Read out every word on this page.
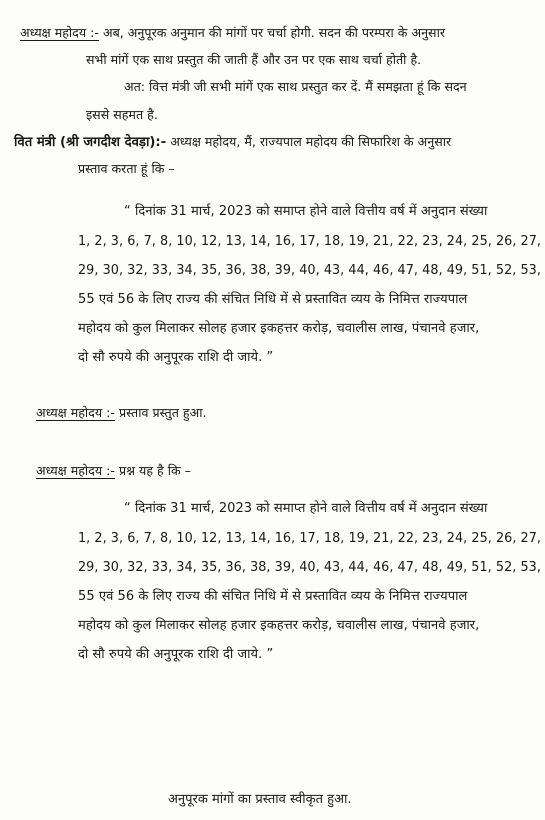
अध्यक्ष महोदय :- अब, अनुपूरक अनुमान की मांगों पर चर्चा होगी. सदन की परम्परा के अनुसार
सभी मांगें एक साथ प्रस्तुत की जाती हैं और उन पर एक साथ चर्चा होती है.
अत: वित्त मंत्री जी सभी मांगें एक साथ प्रस्तुत कर दें. मैं समझता हूं कि सदन
इससे सहमत है.
वित मंत्री (श्री जगदीश देवड़ा):- अध्यक्ष महोदय, मैं, राज्यपाल महोदय की सिफारिश के अनुसार
प्रस्ताव करता हूं कि –
“ दिनांक 31 मार्च, 2023 को समाप्त होने वाले वित्तीय वर्ष में अनुदान संख्या
1, 2, 3, 6, 7, 8, 10, 12, 13, 14, 16, 17, 18, 19, 21, 22, 23, 24, 25, 26, 27,
29, 30, 32, 33, 34, 35, 36, 38, 39, 40, 43, 44, 46, 47, 48, 49, 51, 52, 53,
55 एवं 56 के लिए राज्य की संचित निधि में से प्रस्तावित व्यय के निमित्त राज्यपाल
महोदय को कुल मिलाकर सोलह हजार इकहत्तर करोड़, चवालीस लाख, पंचानवे हजार,
दो सौ रुपये की अनुपूरक राशि दी जाये. ”
अध्यक्ष महोदय :- प्रस्ताव प्रस्तुत हुआ.
अध्यक्ष महोदय :- प्रश्न यह है कि –
“ दिनांक 31 मार्च, 2023 को समाप्त होने वाले वित्तीय वर्ष में अनुदान संख्या
1, 2, 3, 6, 7, 8, 10, 12, 13, 14, 16, 17, 18, 19, 21, 22, 23, 24, 25, 26, 27,
29, 30, 32, 33, 34, 35, 36, 38, 39, 40, 43, 44, 46, 47, 48, 49, 51, 52, 53,
55 एवं 56 के लिए राज्य की संचित निधि में से प्रस्तावित व्यय के निमित्त राज्यपाल
महोदय को कुल मिलाकर सोलह हजार इकहत्तर करोड़, चवालीस लाख, पंचानवे हजार,
दो सौ रुपये की अनुपूरक राशि दी जाये. ”
अनुपूरक मांगों का प्रस्ताव स्वीकृत हुआ.
